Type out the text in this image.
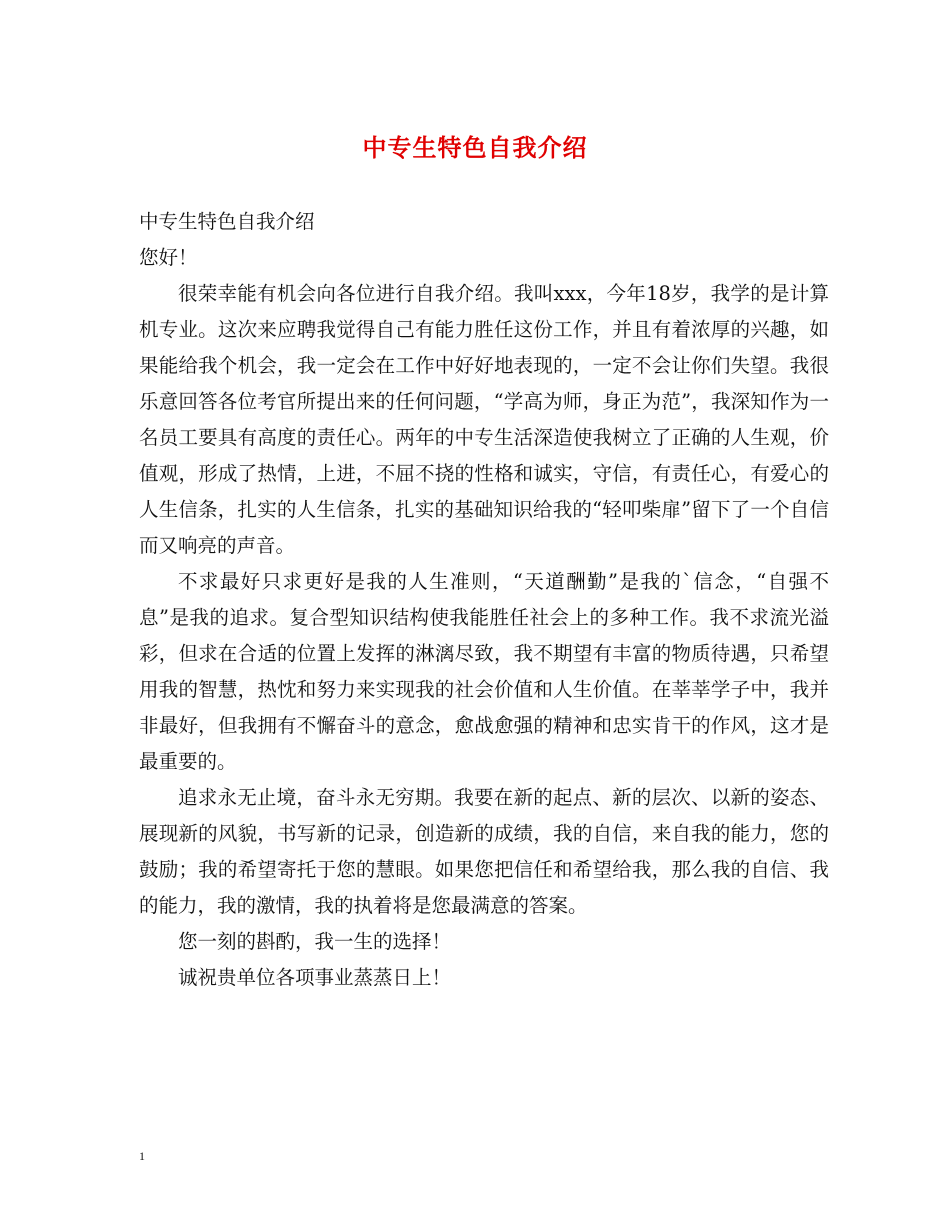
中专生特色自我介绍

中专生特色自我介绍

您好！

很荣幸能有机会向各位进行自我介绍。我叫xxx，今年18岁，我学的是计算机专业。这次来应聘我觉得自己有能力胜任这份工作，并且有着浓厚的兴趣，如果能给我个机会，我一定会在工作中好好地表现的，一定不会让你们失望。我很乐意回答各位考官所提出来的任何问题，“学高为师，身正为范”，我深知作为一名员工要具有高度的责任心。两年的中专生活深造使我树立了正确的人生观，价值观，形成了热情，上进，不屈不挠的性格和诚实，守信，有责任心，有爱心的人生信条，扎实的人生信条，扎实的基础知识给我的“轻叩柴扉”留下了一个自信而又响亮的声音。

不求最好只求更好是我的人生准则，“天道酬勤”是我的`信念，“自强不息”是我的追求。复合型知识结构使我能胜任社会上的多种工作。我不求流光溢彩，但求在合适的位置上发挥的淋漓尽致，我不期望有丰富的物质待遇，只希望用我的智慧，热忱和努力来实现我的社会价值和人生价值。在莘莘学子中，我并非最好，但我拥有不懈奋斗的意念，愈战愈强的精神和忠实肯干的作风，这才是最重要的。

追求永无止境，奋斗永无穷期。我要在新的起点、新的层次、以新的姿态、展现新的风貌，书写新的记录，创造新的成绩，我的自信，来自我的能力，您的鼓励；我的希望寄托于您的慧眼。如果您把信任和希望给我，那么我的自信、我的能力，我的激情，我的执着将是您最满意的答案。

您一刻的斟酌，我一生的选择！

诚祝贵单位各项事业蒸蒸日上！

1
